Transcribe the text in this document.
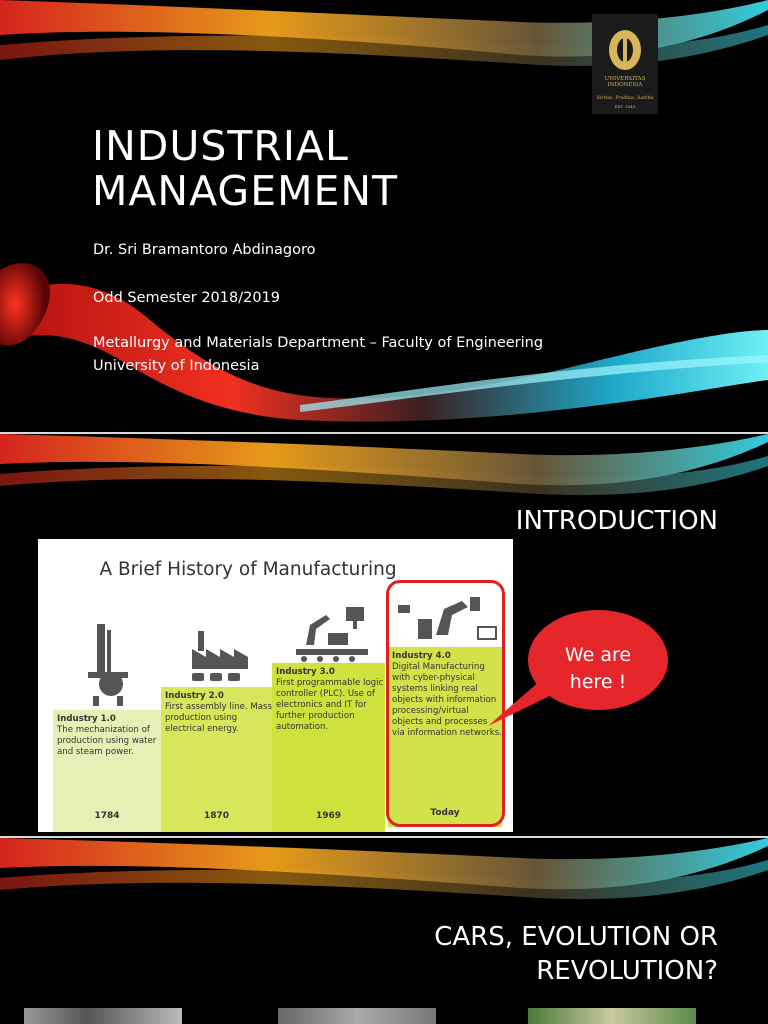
UNIVERSITAS INDONESIA
Veritas, Probitas, Iustitia
EST. 1849
INDUSTRIAL
MANAGEMENT
Dr. Sri Bramantoro Abdinagoro
Odd Semester 2018/2019
Metallurgy and Materials Department – Faculty of Engineering
University of Indonesia
INTRODUCTION
A Brief History of Manufacturing
Industry 1.0
The mechanization of production using water and steam power.
1784
Industry 2.0
First assembly line. Mass production using electrical energy.
1870
Industry 3.0
First programmable logic controller (PLC). Use of electronics and IT for further production automation.
1969
Industry 4.0
Digital Manufacturing with cyber-physical systems linking real objects with information processing/virtual objects and processes via information networks.
Today
We are
here !
CARS, EVOLUTION OR
REVOLUTION?
